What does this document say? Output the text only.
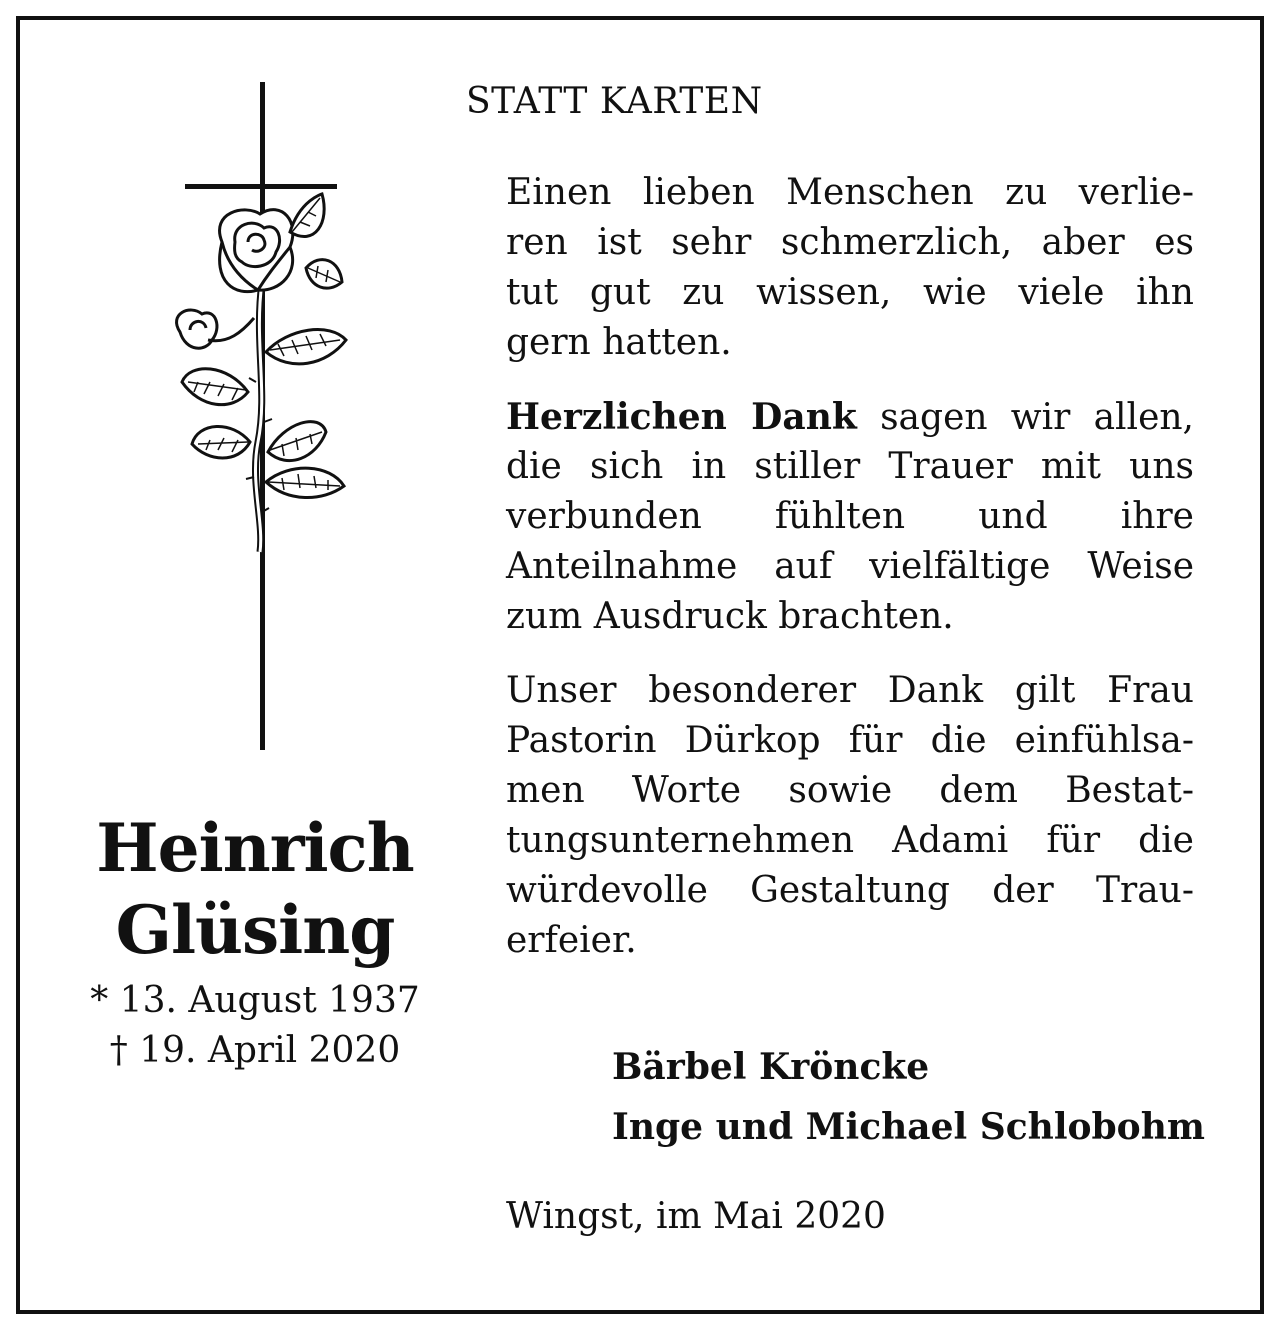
Heinrich
Glüsing
* 13. August 1937
† 19. April 2020
STATT KARTEN
Einen lieben Menschen zu verlie-
ren ist sehr schmerzlich, aber es
tut gut zu wissen, wie viele ihn
gern hatten.
Herzlichen Dank sagen wir allen,
die sich in stiller Trauer mit uns
verbunden fühlten und ihre
Anteilnahme auf vielfältige Weise
zum Ausdruck brachten.
Unser besonderer Dank gilt Frau
Pastorin Dürkop für die einfühlsa-
men Worte sowie dem Bestat-
tungsunternehmen Adami für die
würdevolle Gestaltung der Trau-
erfeier.
Bärbel Kröncke
Inge und Michael Schlobohm
Wingst, im Mai 2020
